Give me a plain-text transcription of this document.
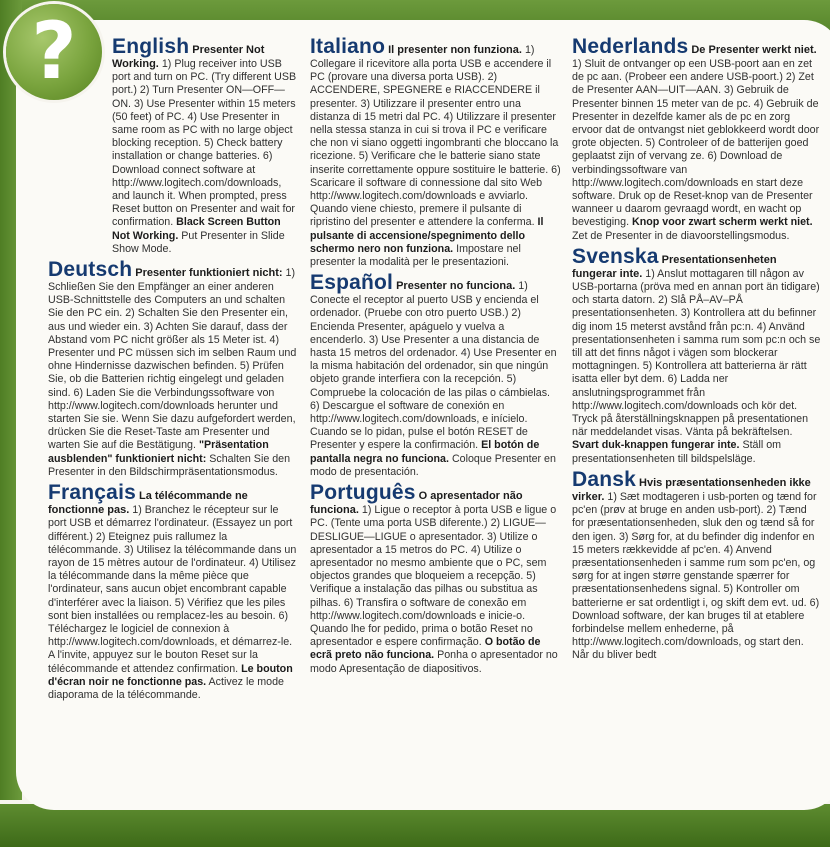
?	English Presenter Not Working. 1) Plug receiver into USB port and turn on PC. (Try different USB port.) 2) Turn Presenter ON—OFF—ON. 3) Use Presenter within 15 meters (50 feet) of PC. 4) Use Presenter in same room as PC with no large object blocking reception. 5) Check battery installation or change batteries. 6) Download connect software at http://www.logitech.com/downloads, and launch it. When prompted, press Reset button on Presenter and wait for confirmation. Black Screen Button Not Working. Put Presenter in Slide Show Mode.
Deutsch Presenter funktioniert nicht: 1) Schließen Sie den Empfänger an einer anderen USB-Schnittstelle des Computers an und schalten Sie den PC ein. 2) Schalten Sie den Presenter ein, aus und wieder ein. 3) Achten Sie darauf, dass der Abstand vom PC nicht größer als 15 Meter ist. 4) Presenter und PC müssen sich im selben Raum und ohne Hindernisse dazwischen befinden. 5) Prüfen Sie, ob die Batterien richtig eingelegt und geladen sind. 6) Laden Sie die Verbindungssoftware von http://www.logitech.com/downloads herunter und starten Sie sie. Wenn Sie dazu aufgefordert werden, drücken Sie die Reset-Taste am Presenter und warten Sie auf die Bestätigung. "Präsentation ausblenden" funktioniert nicht: Schalten Sie den Presenter in den Bildschirmpräsentationsmodus.
Français La télécommande ne fonctionne pas. 1) Branchez le récepteur sur le port USB et démarrez l'ordinateur. (Essayez un port différent.) 2) Eteignez puis rallumez la télécommande. 3) Utilisez la télécommande dans un rayon de 15 mètres autour de l'ordinateur. 4) Utilisez la télécommande dans la même pièce que l'ordinateur, sans aucun objet encombrant capable d'interférer avec la liaison. 5) Vérifiez que les piles sont bien installées ou remplacez-les au besoin. 6) Téléchargez le logiciel de connexion à http://www.logitech.com/downloads, et démarrez-le. A l'invite, appuyez sur le bouton Reset sur la télécommande et attendez confirmation. Le bouton d'écran noir ne fonctionne pas. Activez le mode diaporama de la télécommande.
Italiano Il presenter non funziona. 1) Collegare il ricevitore alla porta USB e accendere il PC (provare una diversa porta USB). 2) ACCENDERE, SPEGNERE e RIACCENDERE il presenter. 3) Utilizzare il presenter entro una distanza di 15 metri dal PC. 4) Utilizzare il presenter nella stessa stanza in cui si trova il PC e verificare che non vi siano oggetti ingombranti che bloccano la ricezione. 5) Verificare che le batterie siano state inserite correttamente oppure sostituire le batterie. 6) Scaricare il software di connessione dal sito Web http://www.logitech.com/downloads e avviarlo. Quando viene chiesto, premere il pulsante di ripristino del presenter e attendere la conferma. Il pulsante di accensione/spegnimento dello schermo nero non funziona. Impostare nel presenter la modalità per le presentazioni.
Español Presenter no funciona. 1) Conecte el receptor al puerto USB y encienda el ordenador. (Pruebe con otro puerto USB.) 2) Encienda Presenter, apáguelo y vuelva a encenderlo. 3) Use Presenter a una distancia de hasta 15 metros del ordenador. 4) Use Presenter en la misma habitación del ordenador, sin que ningún objeto grande interfiera con la recepción. 5) Compruebe la colocación de las pilas o cámbielas. 6) Descargue el software de conexión en http://www.logitech.com/downloads, e inícielo. Cuando se lo pidan, pulse el botón RESET de Presenter y espere la confirmación. El botón de pantalla negra no funciona. Coloque Presenter en modo de presentación.
Português O apresentador não funciona. 1) Ligue o receptor à porta USB e ligue o PC. (Tente uma porta USB diferente.) 2) LIGUE—DESLIGUE—LIGUE o apresentador. 3) Utilize o apresentador a 15 metros do PC. 4) Utilize o apresentador no mesmo ambiente que o PC, sem objectos grandes que bloqueiem a recepção. 5) Verifique a instalação das pilhas ou substitua as pilhas. 6) Transfira o software de conexão em http://www.logitech.com/downloads e inicie-o. Quando lhe for pedido, prima o botão Reset no apresentador e espere confirmação. O botão de ecrã preto não funciona. Ponha o apresentador no modo Apresentação de diapositivos.
Nederlands De Presenter werkt niet. 1) Sluit de ontvanger op een USB-poort aan en zet de pc aan. (Probeer een andere USB-poort.) 2) Zet de Presenter AAN—UIT—AAN. 3) Gebruik de Presenter binnen 15 meter van de pc. 4) Gebruik de Presenter in dezelfde kamer als de pc en zorg ervoor dat de ontvangst niet geblokkeerd wordt door grote objecten. 5) Controleer of de batterijen goed geplaatst zijn of vervang ze. 6) Download de verbindingssoftware van http://www.logitech.com/downloads en start deze software. Druk op de Reset-knop van de Presenter wanneer u daarom gevraagd wordt, en wacht op bevestiging. Knop voor zwart scherm werkt niet. Zet de Presenter in de diavoorstellingsmodus.
Svenska Presentationsenheten fungerar inte. 1) Anslut mottagaren till någon av USB-portarna (pröva med en annan port än tidigare) och starta datorn. 2) Slå PÅ–AV–PÅ presentationsenheten. 3) Kontrollera att du befinner dig inom 15 meterst avstånd från pc:n. 4) Använd presentationsenheten i samma rum som pc:n och se till att det finns något i vägen som blockerar mottagningen. 5) Kontrollera att batterierna är rätt isatta eller byt dem. 6) Ladda ner anslutningsprogrammet från http://www.logitech.com/downloads och kör det. Tryck på återställningsknappen på presentationen när meddelandet visas. Vänta på bekräftelsen. Svart duk-knappen fungerar inte. Ställ om presentationsenheten till bildspelsläge.
Dansk Hvis præsentationsenheden ikke virker. 1) Sæt modtageren i usb-porten og tænd for pc'en (prøv at bruge en anden usb-port). 2) Tænd for præsentationsenheden, sluk den og tænd så for den igen. 3) Sørg for, at du befinder dig indenfor en 15 meters rækkevidde af pc'en. 4) Anvend præsentationsenheden i samme rum som pc'en, og sørg for at ingen større genstande spærrer for præsentationsenhedens signal. 5) Kontroller om batterierne er sat ordentligt i, og skift dem evt. ud. 6) Download software, der kan bruges til at etablere forbindelse mellem enhederne, på http://www.logitech.com/downloads, og start den. Når du bliver bedt
